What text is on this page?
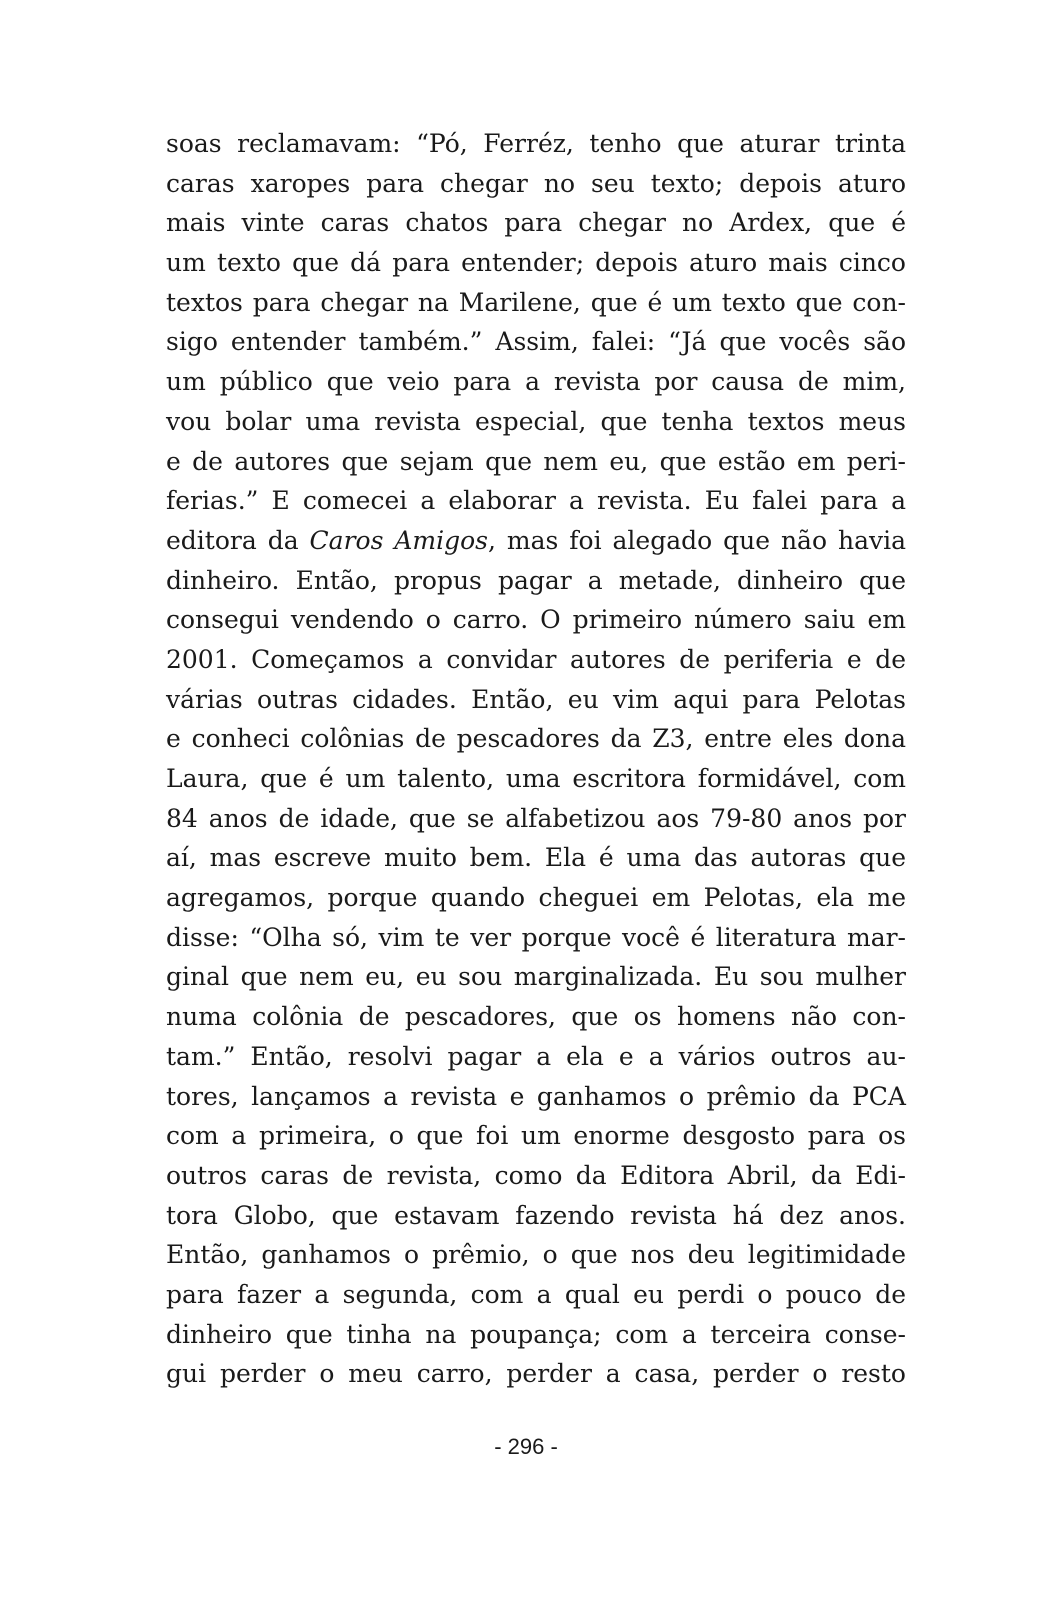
soas reclamavam: “Pó, Ferréz, tenho que aturar trinta
caras xaropes para chegar no seu texto; depois aturo
mais vinte caras chatos para chegar no Ardex, que é
um texto que dá para entender; depois aturo mais cinco
textos para chegar na Marilene, que é um texto que con-
sigo entender também.” Assim, falei: “Já que vocês são
um público que veio para a revista por causa de mim,
vou bolar uma revista especial, que tenha textos meus
e de autores que sejam que nem eu, que estão em peri-
ferias.” E comecei a elaborar a revista. Eu falei para a
editora da Caros Amigos, mas foi alegado que não havia
dinheiro. Então, propus pagar a metade, dinheiro que
consegui vendendo o carro. O primeiro número saiu em
2001. Começamos a convidar autores de periferia e de
várias outras cidades. Então, eu vim aqui para Pelotas
e conheci colônias de pescadores da Z3, entre eles dona
Laura, que é um talento, uma escritora formidável, com
84 anos de idade, que se alfabetizou aos 79-80 anos por
aí, mas escreve muito bem. Ela é uma das autoras que
agregamos, porque quando cheguei em Pelotas, ela me
disse: “Olha só, vim te ver porque você é literatura mar-
ginal que nem eu, eu sou marginalizada. Eu sou mulher
numa colônia de pescadores, que os homens não con-
tam.” Então, resolvi pagar a ela e a vários outros au-
tores, lançamos a revista e ganhamos o prêmio da PCA
com a primeira, o que foi um enorme desgosto para os
outros caras de revista, como da Editora Abril, da Edi-
tora Globo, que estavam fazendo revista há dez anos.
Então, ganhamos o prêmio, o que nos deu legitimidade
para fazer a segunda, com a qual eu perdi o pouco de
dinheiro que tinha na poupança; com a terceira conse-
gui perder o meu carro, perder a casa, perder o resto
- 296 -
